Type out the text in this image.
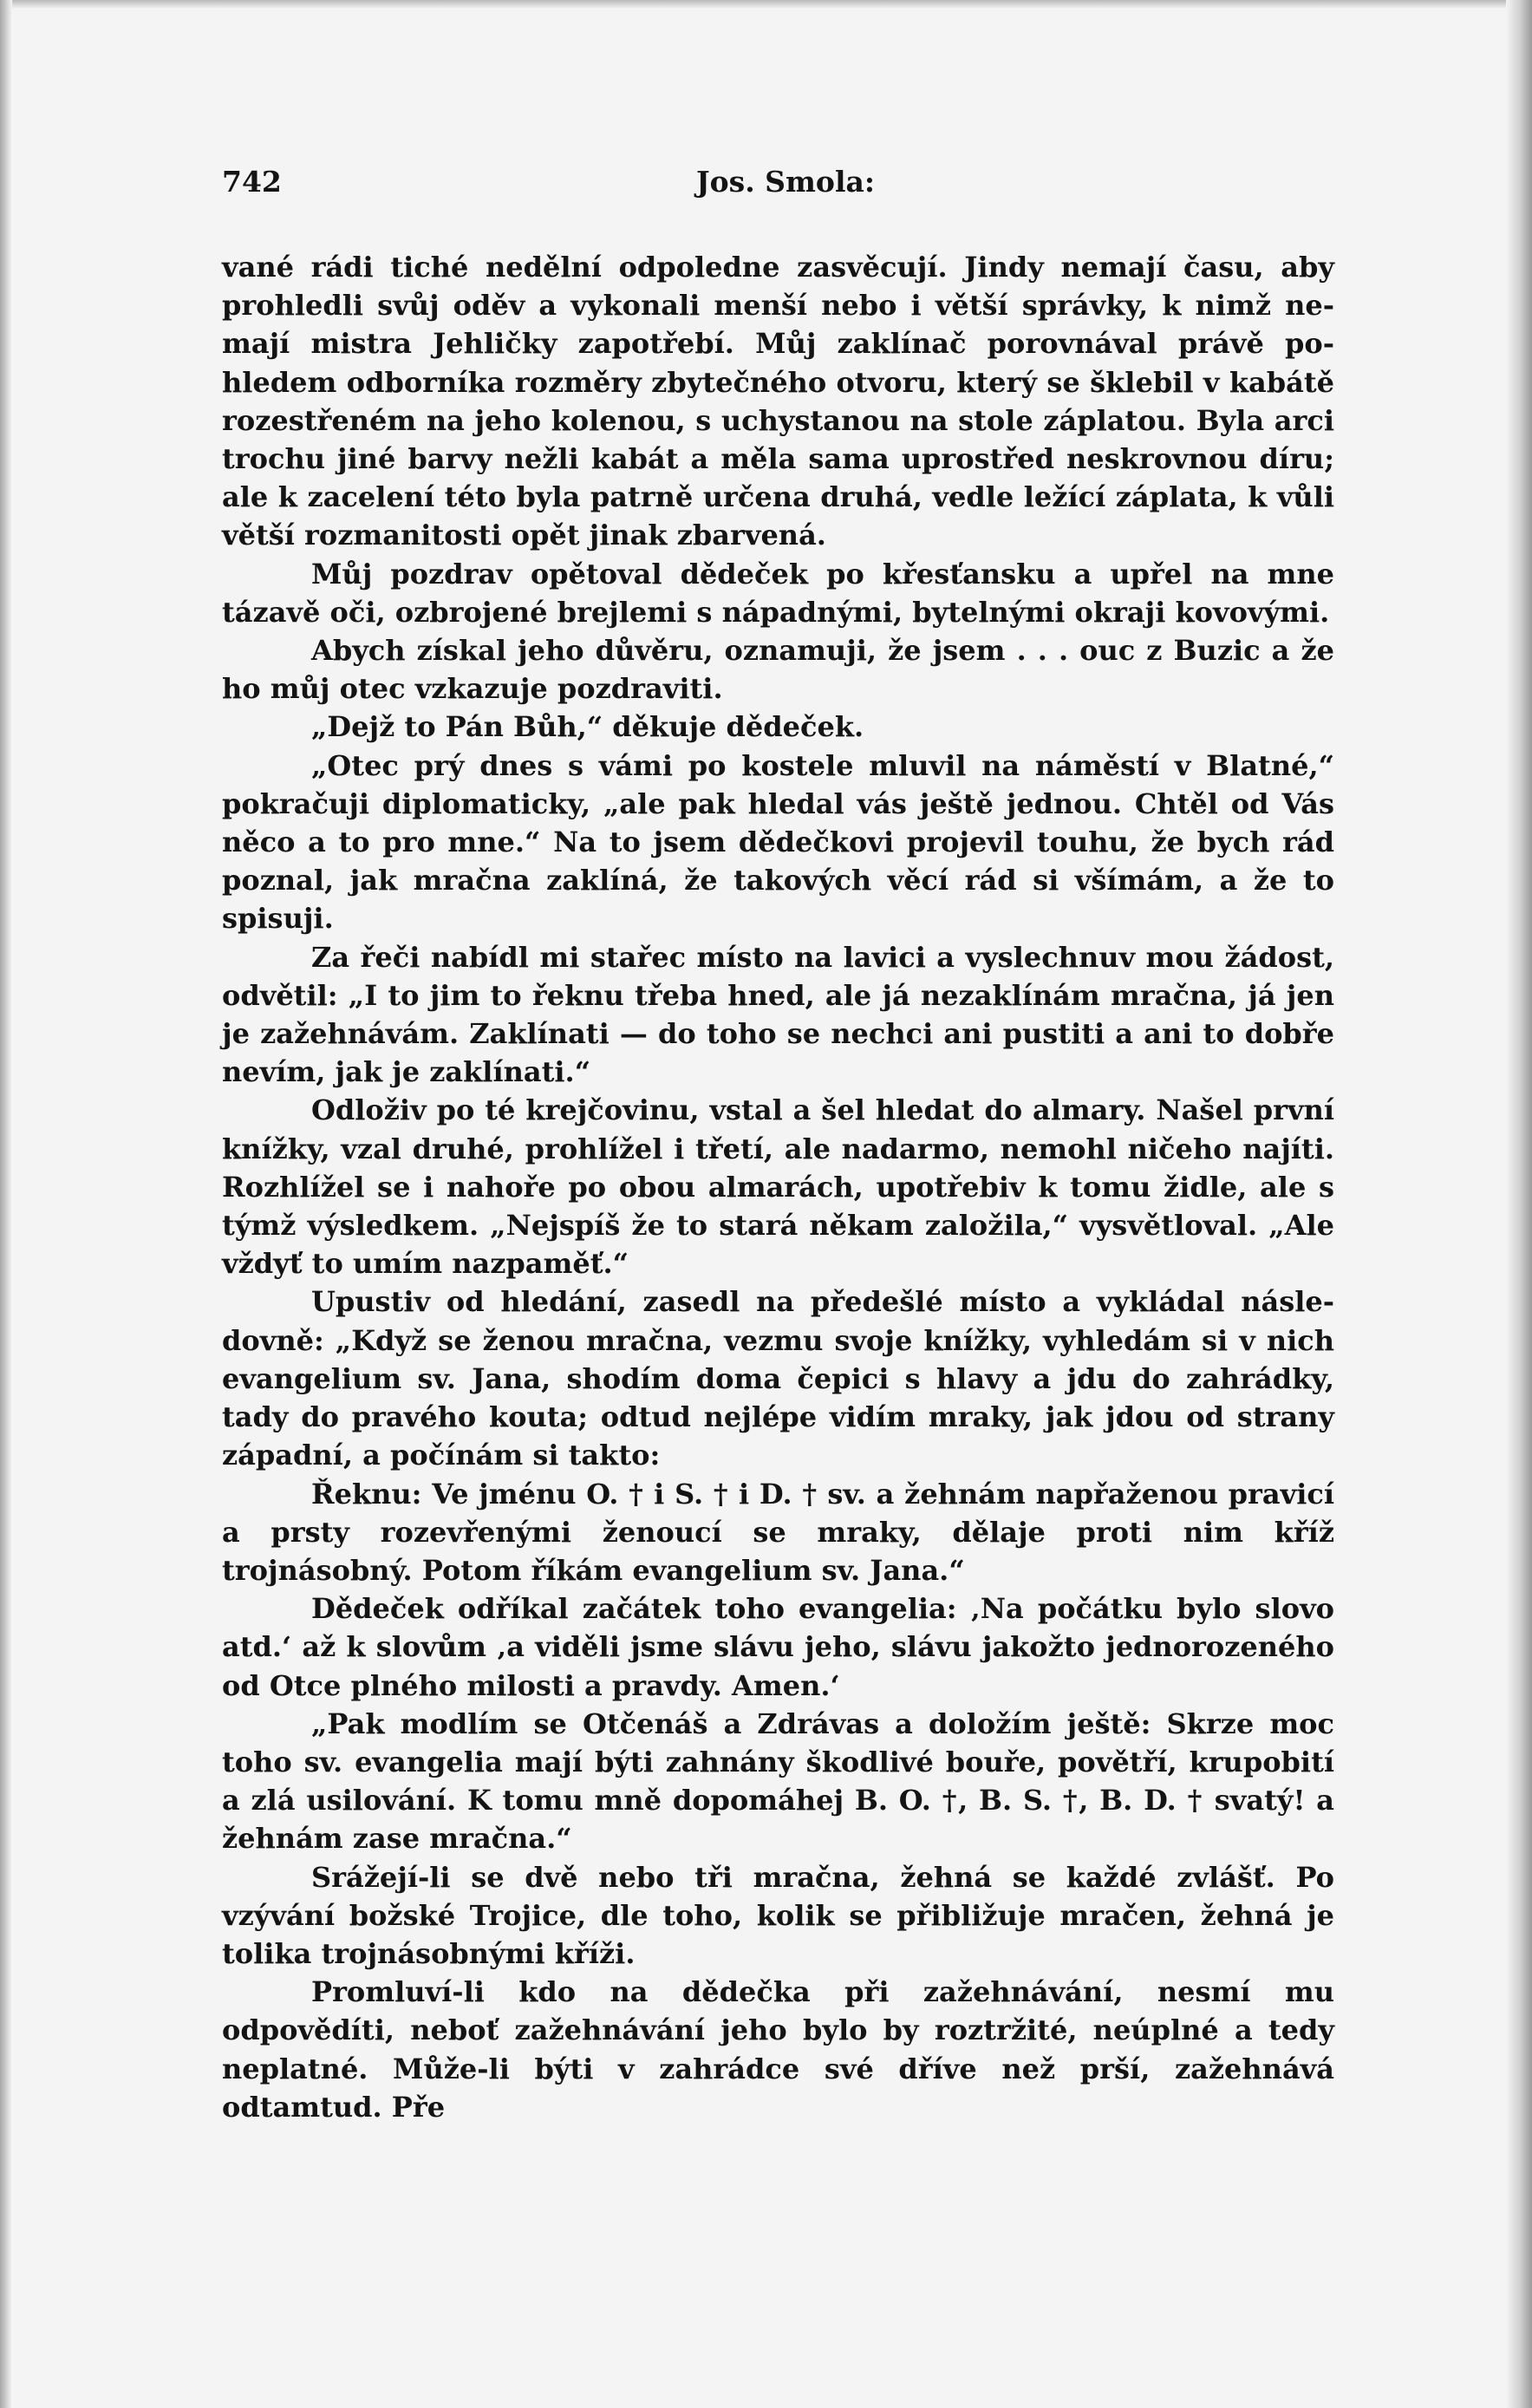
742	Jos. Smola:

vané rádi tiché nedělní odpoledne zasvěcují. Jindy nemají času, aby prohledli svůj oděv a vykonali menší nebo i větší správky, k nimž nemají mistra Jehličky zapotřebí. Můj zaklínač porovnával právě pohledem odborníka rozměry zbytečného otvoru, který se šklebil v kabátě rozestřeném na jeho kolenou, s uchystanou na stole záplatou. Byla arci trochu jiné barvy nežli kabát a měla sama uprostřed neskrovnou díru; ale k zacelení této byla patrně určena druhá, vedle ležící záplata, k vůli větší rozmanitosti opět jinak zbarvená.

Můj pozdrav opětoval dědeček po křesťansku a upřel na mne tázavě oči, ozbrojené brejlemi s nápadnými, bytelnými okraji kovovými.

Abych získal jeho důvěru, oznamuji, že jsem . . . ouc z Buzic a že ho můj otec vzkazuje pozdraviti.

„Dejž to Pán Bůh,“ děkuje dědeček.

„Otec prý dnes s vámi po kostele mluvil na náměstí v Blatné,“ pokračuji diplomaticky, „ale pak hledal vás ještě jednou. Chtěl od Vás něco a to pro mne.“ Na to jsem dědečkovi projevil touhu, že bych rád poznal, jak mračna zaklíná, že takových věcí rád si všímám, a že to spisuji.

Za řeči nabídl mi stařec místo na lavici a vyslechnuv mou žádost, odvětil: „I to jim to řeknu třeba hned, ale já nezaklínám mračna, já jen je zažehnávám. Zaklínati — do toho se nechci ani pustiti a ani to dobře nevím, jak je zaklínati.“

Odloživ po té krejčovinu, vstal a šel hledat do almary. Našel první knížky, vzal druhé, prohlížel i třetí, ale nadarmo, nemohl ničeho najíti. Rozhlížel se i nahoře po obou almarách, upotřebiv k tomu židle, ale s týmž výsledkem. „Nejspíš že to stará někam založila,“ vysvětloval. „Ale vždyť to umím nazpaměť.“

Upustiv od hledání, zasedl na předešlé místo a vykládal následovně: „Když se ženou mračna, vezmu svoje knížky, vyhledám si v nich evangelium sv. Jana, shodím doma čepici s hlavy a jdu do zahrádky, tady do pravého kouta; odtud nejlépe vidím mraky, jak jdou od strany západní, a počínám si takto:

Řeknu: Ve jménu O. † i S. † i D. † sv. a žehnám napřaženou pravicí a prsty rozevřenými ženoucí se mraky, dělaje proti nim kříž trojnásobný. Potom říkám evangelium sv. Jana.“

Dědeček odříkal začátek toho evangelia: ‚Na počátku bylo slovo atd.‘ až k slovům ‚a viděli jsme slávu jeho, slávu jakožto jednorozeného od Otce plného milosti a pravdy. Amen.‘

„Pak modlím se Otčenáš a Zdrávas a doložím ještě: Skrze moc toho sv. evangelia mají býti zahnány škodlivé bouře, povětří, krupobití a zlá usilování. K tomu mně dopomáhej B. O. †, B. S. †, B. D. † svatý! a žehnám zase mračna.“

Srážejí-li se dvě nebo tři mračna, žehná se každé zvlášť. Po vzývání božské Trojice, dle toho, kolik se přibližuje mračen, žehná je tolika trojnásobnými kříži.

Promluví-li kdo na dědečka při zažehnávání, nesmí mu odpovědíti, neboť zažehnávání jeho bylo by roztržité, neúplné a tedy neplatné. Může-li býti v zahrádce své dříve než prší, zažehnává odtamtud. Pře
